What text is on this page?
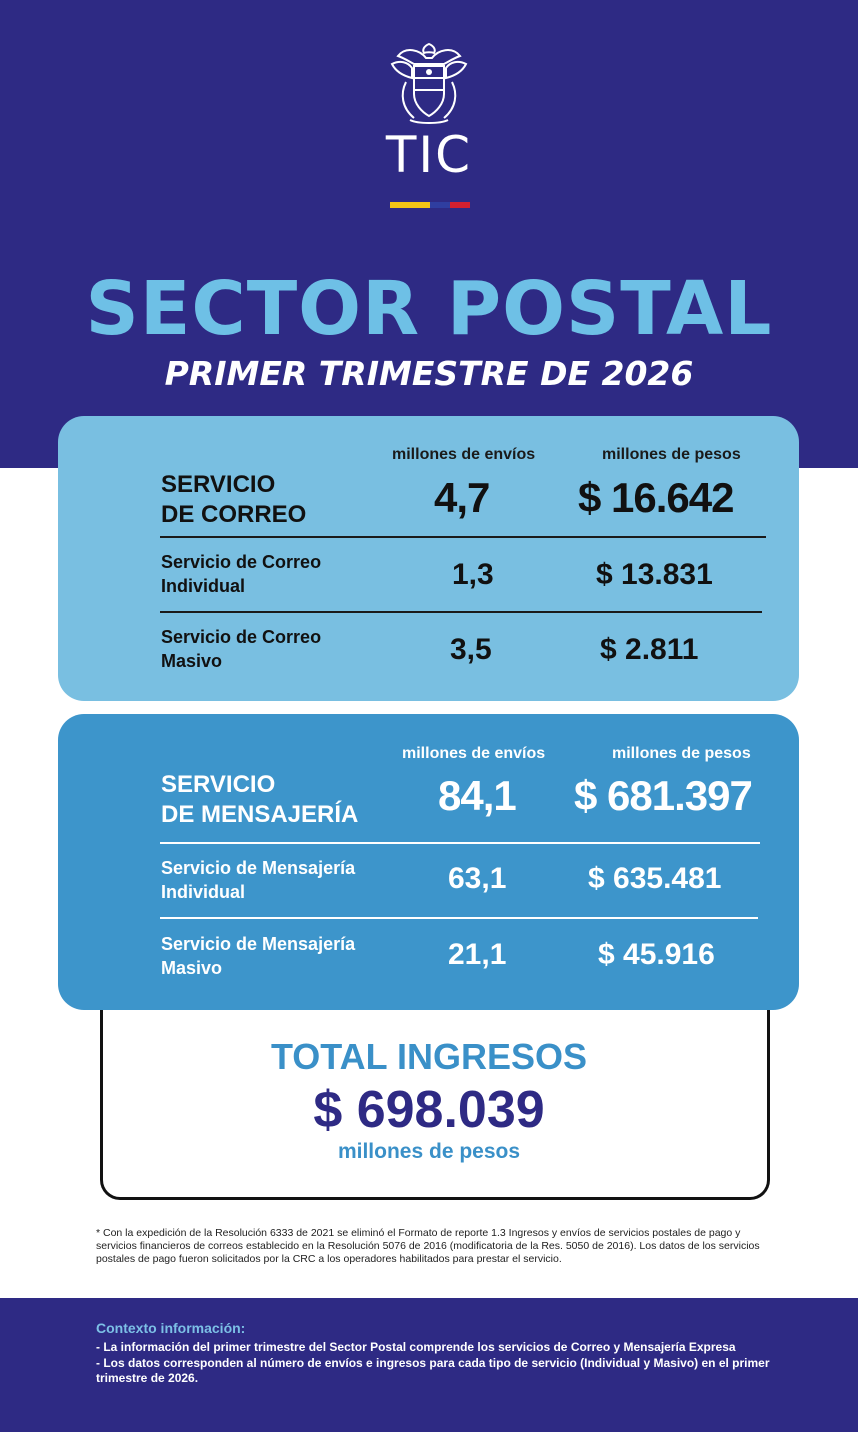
TIC
SECTOR POSTAL
PRIMER TRIMESTRE DE 2026
millones de envíos	millones de pesos
SERVICIO
DE CORREO	4,7 $ 16.642
Servicio de Correo
Individual	1,3	$ 13.831
Servicio de Correo
Masivo	3,5	$ 2.811
millones de envíos	millones de pesos
SERVICIO
DE MENSAJERÍA 84,1 $ 681.397
Servicio de Mensajería
Individual	63,1	$ 635.481
Servicio de Mensajería
Masivo	21,1	$ 45.916
TOTAL INGRESOS
$ 698.039
millones de pesos
* Con la expedición de la Resolución 6333 de 2021 se eliminó el Formato de reporte 1.3 Ingresos y envíos de servicios postales de pago y servicios financieros de correos establecido en la Resolución 5076 de 2016 (modificatoria de la Res. 5050 de 2016). Los datos de los servicios postales de pago fueron solicitados por la CRC a los operadores habilitados para prestar el servicio.
Contexto información:
- La información del primer trimestre del Sector Postal comprende los servicios de Correo y Mensajería Expresa
- Los datos corresponden al número de envíos e ingresos para cada tipo de servicio (Individual y Masivo) en el primer trimestre de 2026.
